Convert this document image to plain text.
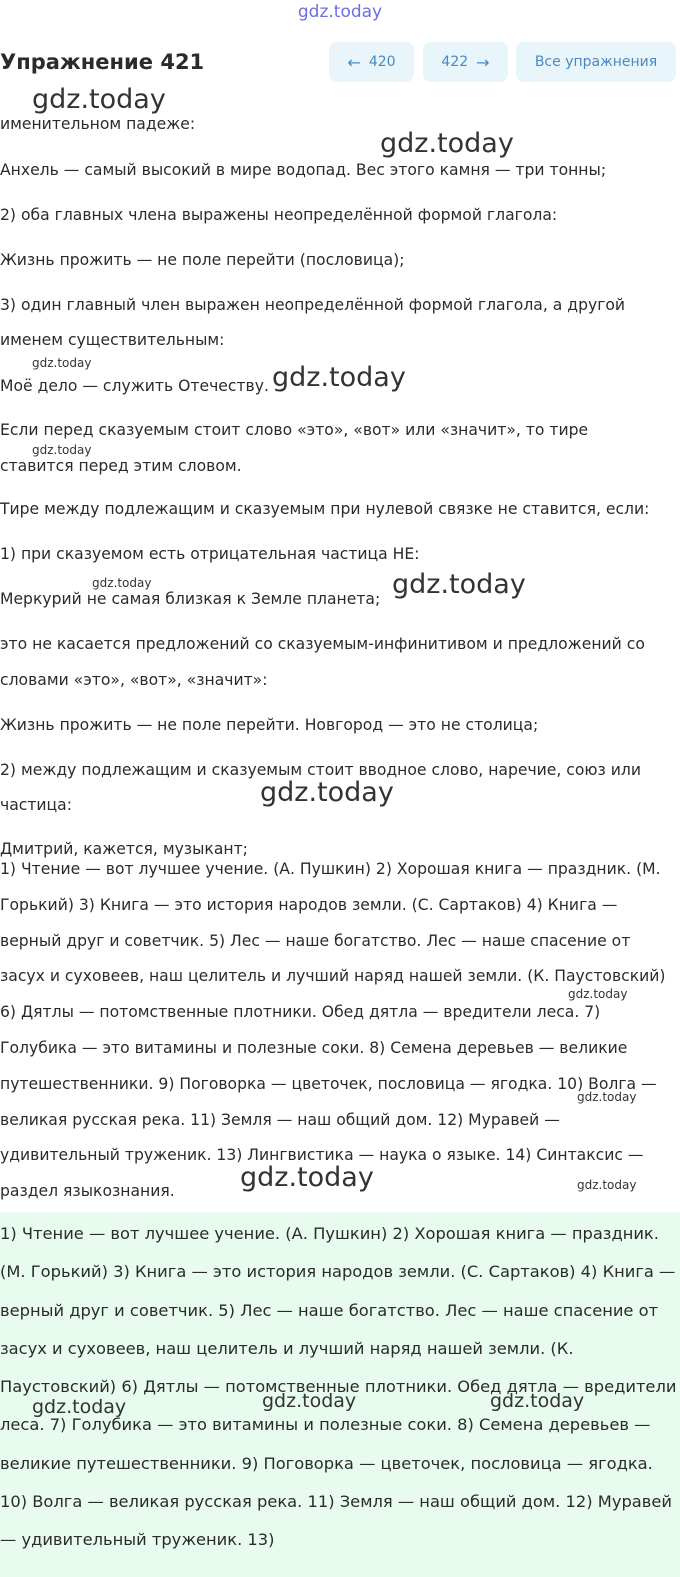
gdz.today
Упражнение 421	← 420	422 →	Все упражнения

именительном падеже:

Анхель — самый высокий в мире водопад. Вес этого камня — три тонны;

2) оба главных члена выражены неопределённой формой глагола:

Жизнь прожить — не поле перейти (пословица);

3) один главный член выражен неопределённой формой глагола, а другой

именем существительным:

Моё дело — служить Отечеству.

Если перед сказуемым стоит слово «это», «вот» или «значит», то тире

ставится перед этим словом.

Тире между подлежащим и сказуемым при нулевой связке не ставится, если:

1) при сказуемом есть отрицательная частица НЕ:

Меркурий не самая близкая к Земле планета;

это не касается предложений со сказуемым-инфинитивом и предложений со

словами «это», «вот», «значит»:

Жизнь прожить — не поле перейти. Новгород — это не столица;

2) между подлежащим и сказуемым стоит вводное слово, наречие, союз или

частица:

Дмитрий, кажется, музыкант;

1) Чтение — вот лучшее учение. (А. Пушкин) 2) Хорошая книга — праздник. (М. Горький) 3) Книга — это история народов земли. (С. Сартаков) 4) Книга — верный друг и советчик. 5) Лес — наше богатство. Лес — наше спасение от засух и суховеев, наш целитель и лучший наряд нашей земли. (К. Паустовский) 6) Дятлы — потомственные плотники. Обед дятла — вредители леса. 7) Голубика — это витамины и полезные соки. 8) Семена деревьев — великие путешественники. 9) Поговорка — цветочек, пословица — ягодка. 10) Волга — великая русская река. 11) Земля — наш общий дом. 12) Муравей — удивительный труженик. 13) Лингвистика — наука о языке. 14) Синтаксис — раздел языкознания.

1) Чтение — вот лучшее учение. (А. Пушкин) 2) Хорошая книга — праздник. (М. Горький) 3) Книга — это история народов земли. (С. Сартаков) 4) Книга — верный друг и советчик. 5) Лес — наше богатство. Лес — наше спасение от засух и суховеев, наш целитель и лучший наряд нашей земли. (К. Паустовский) 6) Дятлы — потомственные плотники. Обед дятла — вредители леса. 7) Голубика — это витамины и полезные соки. 8) Семена деревьев — великие путешественники. 9) Поговорка — цветочек, пословица — ягодка. 10) Волга — великая русская река. 11) Земля — наш общий дом. 12) Муравей — удивительный труженик. 13)

gdz.today
gdz.today
gdz.today	gdz.today
gdz.today
gdz.today	gdz.today
gdz.today
gdz.today
gdz.today
gdz.today	gdz.today
gdz.today	gdz.today	gdz.today
